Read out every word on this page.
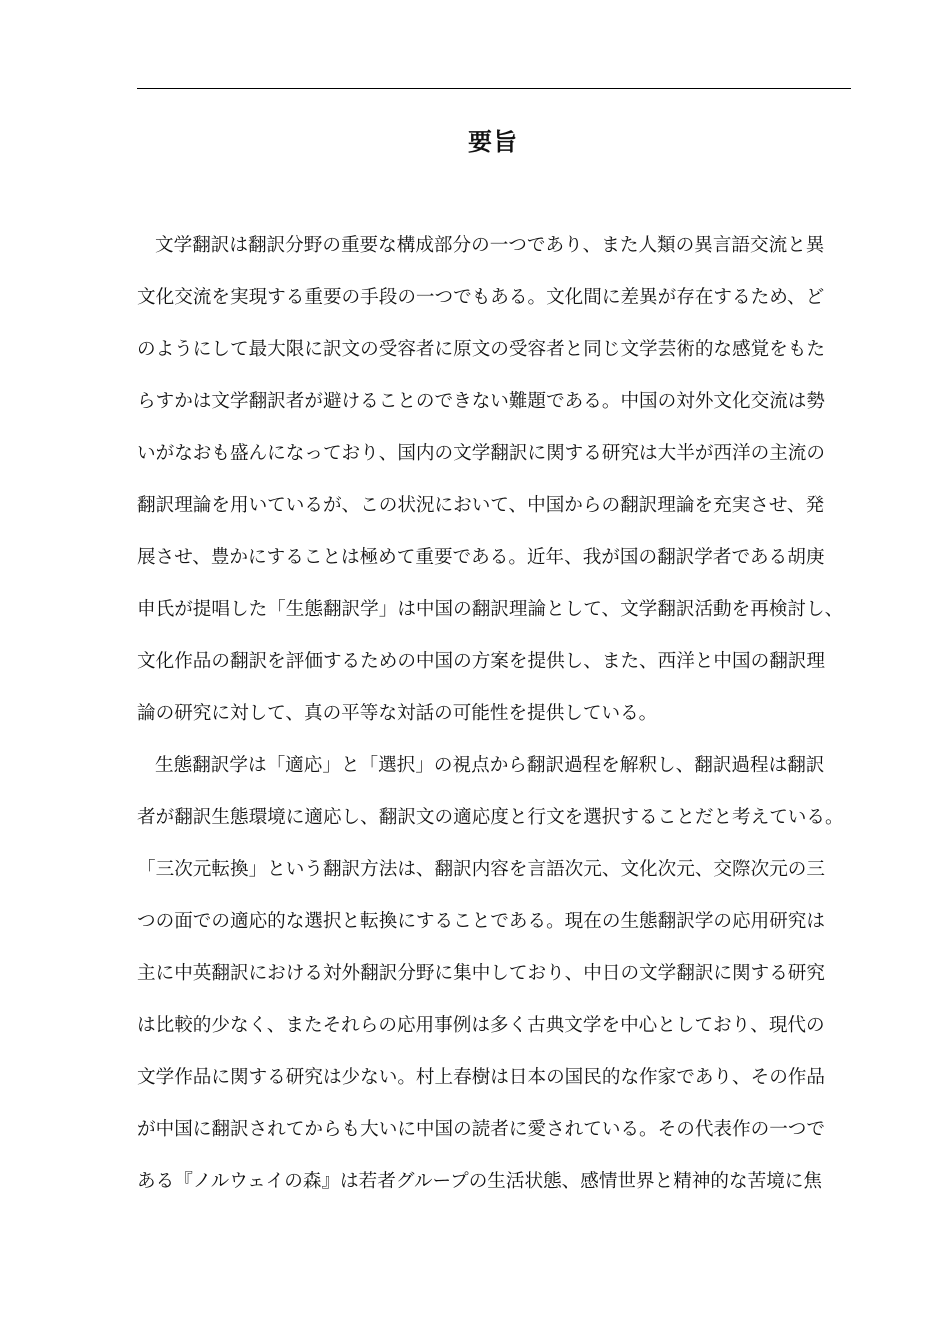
要旨
文学翻訳は翻訳分野の重要な構成部分の一つであり、また人類の異言語交流と異
文化交流を実現する重要の手段の一つでもある。文化間に差異が存在するため、ど
のようにして最大限に訳文の受容者に原文の受容者と同じ文学芸術的な感覚をもた
らすかは文学翻訳者が避けることのできない難題である。中国の対外文化交流は勢
いがなおも盛んになっており、国内の文学翻訳に関する研究は大半が西洋の主流の
翻訳理論を用いているが、この状況において、中国からの翻訳理論を充実させ、発
展させ、豊かにすることは極めて重要である。近年、我が国の翻訳学者である胡庚
申氏が提唱した「生態翻訳学」は中国の翻訳理論として、文学翻訳活動を再検討し、
文化作品の翻訳を評価するための中国の方案を提供し、また、西洋と中国の翻訳理
論の研究に対して、真の平等な対話の可能性を提供している。
生態翻訳学は「適応」と「選択」の視点から翻訳過程を解釈し、翻訳過程は翻訳
者が翻訳生態環境に適応し、翻訳文の適応度と行文を選択することだと考えている。
「三次元転換」という翻訳方法は、翻訳内容を言語次元、文化次元、交際次元の三
つの面での適応的な選択と転換にすることである。現在の生態翻訳学の応用研究は
主に中英翻訳における対外翻訳分野に集中しており、中日の文学翻訳に関する研究
は比較的少なく、またそれらの応用事例は多く古典文学を中心としており、現代の
文学作品に関する研究は少ない。村上春樹は日本の国民的な作家であり、その作品
が中国に翻訳されてからも大いに中国の読者に愛されている。その代表作の一つで
ある『ノルウェイの森』は若者グループの生活状態、感情世界と精神的な苦境に焦
